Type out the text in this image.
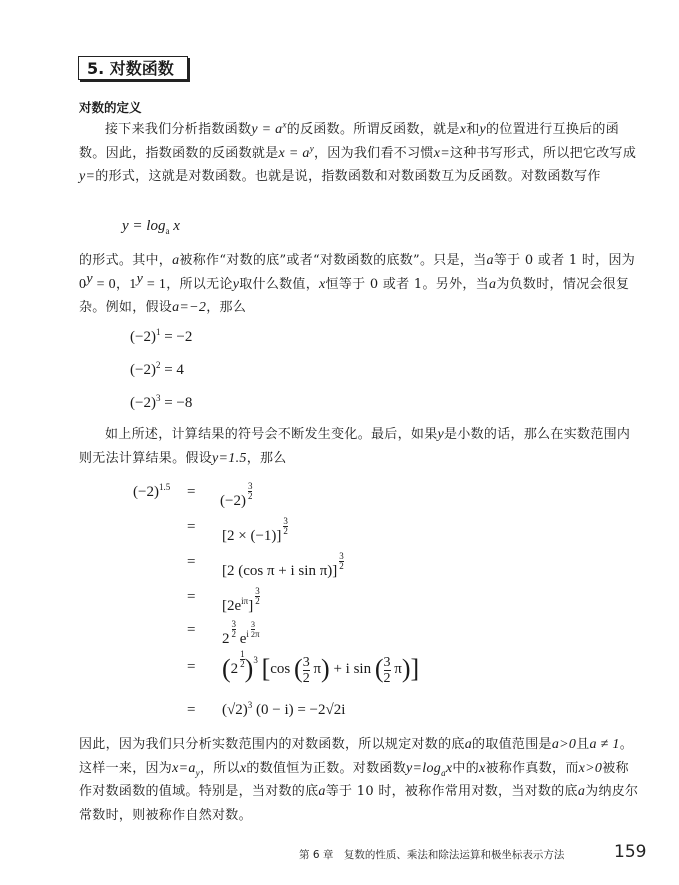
5. 对数函数
对数的定义
接下来我们分析指数函数$y = a^x$的反函数。所谓反函数，就是x和y的位置进行互换后的函数。因此，指数函数的反函数就是$x = a^y$，因为我们看不习惯x=这种书写形式，所以把它改写成y=的形式，这就是对数函数。也就是说，指数函数和对数函数互为反函数。对数函数写作
$y = \log_a x$
的形式。其中，a被称作“对数的底”或者“对数函数的底数”。只是，当a等于 0 或者 1 时，因为$0^y = 0$，$1^y = 1$，所以无论y取什么数值，x恒等于 0 或者 1。另外，当a为负数时，情况会很复杂。例如，假设a=−2，那么
$(-2)^1 = -2$
$(-2)^2 = 4$
$(-2)^3 = -8$
如上所述，计算结果的符号会不断发生变化。最后，如果y是小数的话，那么在实数范围内则无法计算结果。假设y=1.5，那么
$(-2)^{1.5}$ =
$(-2) \frac{3}{2}$
=
$[2 \times (-1)] \frac{3}{2}$
=
[2 (cos π + i $\sin \pi)] \frac{3}{2}$
=
$[2e^{i\pi}] \frac{3}{2}$
=
$2 \frac{3}{2} e^i \frac{3}{2} ^\pi$
= $(2 \frac{1}{2} )^3$ [cos ( $\frac{3}{2} \pi) + i$ sin ( $\frac{3}{2} \pi$)]
= $(√2)^3$ (0 − i) = −2√2i
因此，因为我们只分析实数范围内的对数函数，所以规定对数的底a的取值范围是a>0且a ≠ 1。这样一来，因为$x=a_y$，所以x的数值恒为正数。对数函数$y=\log_ax$中的x被称作真数，而x>0被称作对数函数的值域。特别是，当对数的底a等于 10 时，被称作常用对数，当对数的底a为纳皮尔常数时，则被称作自然对数。
第 6 章　复数的性质、乘法和除法运算和极坐标表示方法	159
